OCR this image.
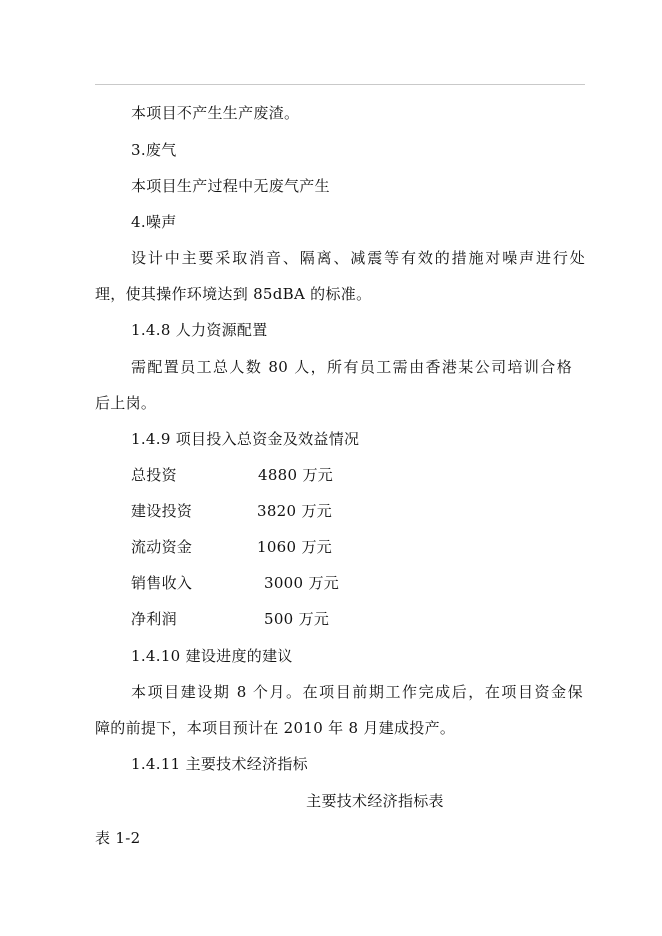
本项目不产生生产废渣。
3.废气
本项目生产过程中无废气产生
4.噪声
设计中主要采取消音、隔离、减震等有效的措施对噪声进行处
理，使其操作环境达到 85dBA 的标准。
1.4.8 人力资源配置
需配置员工总人数 80 人，所有员工需由香港某公司培训合格
后上岗。
1.4.9 项目投入总资金及效益情况
总投资	4880 万元
建设投资	3820 万元
流动资金	1060 万元
销售收入	3000 万元
净利润	500 万元
1.4.10 建设进度的建议
本项目建设期 8 个月。在项目前期工作完成后，在项目资金保
障的前提下，本项目预计在 2010 年 8 月建成投产。
1.4.11 主要技术经济指标
主要技术经济指标表
表 1-2
